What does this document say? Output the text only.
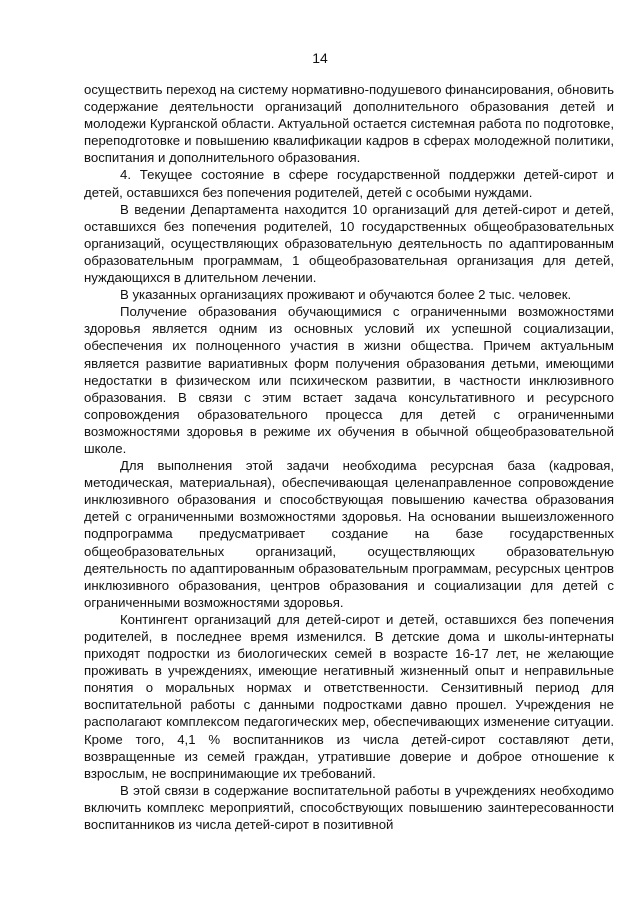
14

осуществить переход на систему нормативно-подушевого финансирования, обновить содержание деятельности организаций дополнительного образования детей и молодежи Курганской области. Актуальной остается системная работа по подготовке, переподготовке и повышению квалификации кадров в сферах молодежной политики, воспитания и дополнительного образования.

4. Текущее состояние в сфере государственной поддержки детей-сирот и детей, оставшихся без попечения родителей, детей с особыми нуждами.

В ведении Департамента находится 10 организаций для детей-сирот и детей, оставшихся без попечения родителей, 10 государственных общеобразовательных организаций, осуществляющих образовательную деятельность по адаптированным образовательным программам, 1 общеобразовательная организация для детей, нуждающихся в длительном лечении.

В указанных организациях проживают и обучаются более 2 тыс. человек.

Получение образования обучающимися с ограниченными возможностями здоровья является одним из основных условий их успешной социализации, обеспечения их полноценного участия в жизни общества. Причем актуальным является развитие вариативных форм получения образования детьми, имеющими недостатки в физическом или психическом развитии, в частности инклюзивного образования. В связи с этим встает задача консультативного и ресурсного сопровождения образовательного процесса для детей с ограниченными возможностями здоровья в режиме их обучения в обычной общеобразовательной школе.

Для выполнения этой задачи необходима ресурсная база (кадровая, методическая, материальная), обеспечивающая целенаправленное сопровождение инклюзивного образования и способствующая повышению качества образования детей с ограниченными возможностями здоровья. На основании вышеизложенного подпрограмма предусматривает создание на базе государственных общеобразовательных организаций, осуществляющих образовательную деятельность по адаптированным образовательным программам, ресурсных центров инклюзивного образования, центров образования и социализации для детей с ограниченными возможностями здоровья.

Контингент организаций для детей-сирот и детей, оставшихся без попечения родителей, в последнее время изменился. В детские дома и школы-интернаты приходят подростки из биологических семей в возрасте 16-17 лет, не желающие проживать в учреждениях, имеющие негативный жизненный опыт и неправильные понятия о моральных нормах и ответственности. Сензитивный период для воспитательной работы с данными подростками давно прошел. Учреждения не располагают комплексом педагогических мер, обеспечивающих изменение ситуации. Кроме того, 4,1 % воспитанников из числа детей-сирот составляют дети, возвращенные из семей граждан, утратившие доверие и доброе отношение к взрослым, не воспринимающие их требований.

В этой связи в содержание воспитательной работы в учреждениях необходимо включить комплекс мероприятий, способствующих повышению заинтересованности воспитанников из числа детей-сирот в позитивной
